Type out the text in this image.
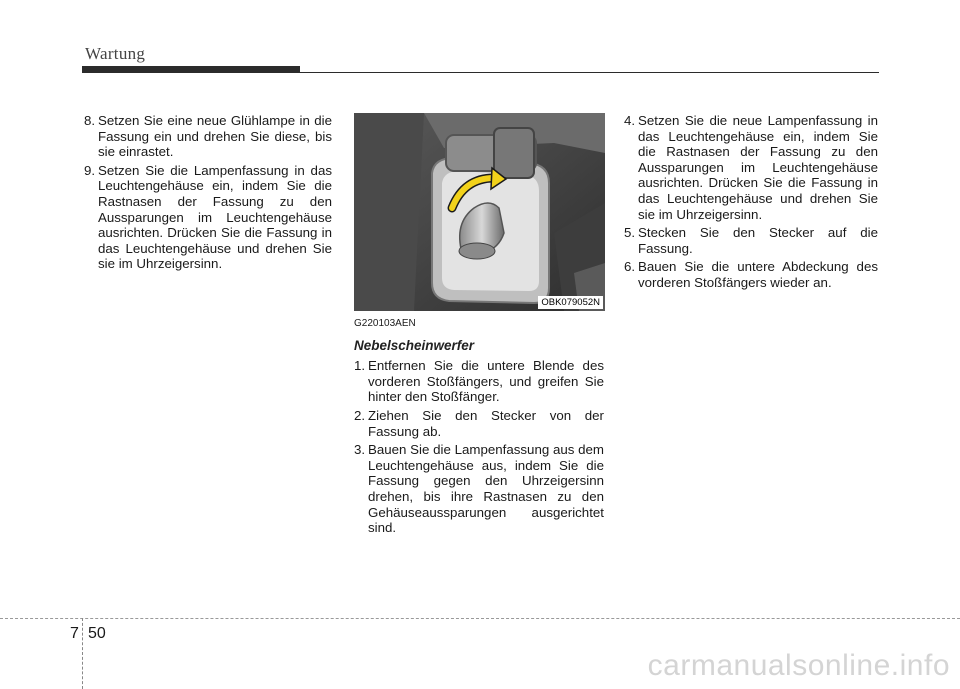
Wartung
8. Setzen Sie eine neue Glühlampe in die Fassung ein und drehen Sie diese, bis sie einrastet.
9. Setzen Sie die Lampenfassung in das Leuchtengehäuse ein, indem Sie die Rastnasen der Fassung zu den Aussparungen im Leuchtengehäuse ausrichten. Drücken Sie die Fassung in das Leuchtengehäuse und drehen Sie sie im Uhrzeigersinn.
OBK079052N
G220103AEN
Nebelscheinwerfer
1. Entfernen Sie die untere Blende des vorderen Stoßfängers, und greifen Sie hinter den Stoßfänger.
2. Ziehen Sie den Stecker von der Fassung ab.
3. Bauen Sie die Lampenfassung aus dem Leuchtengehäuse aus, indem Sie die Fassung gegen den Uhrzeigersinn drehen, bis ihre Rastnasen zu den Gehäuseaussparungen ausgerichtet sind.
4. Setzen Sie die neue Lampenfassung in das Leuchtengehäuse ein, indem Sie die Rastnasen der Fassung zu den Aussparungen im Leuchtengehäuse ausrichten. Drücken Sie die Fassung in das Leuchtengehäuse und drehen Sie sie im Uhrzeigersinn.
5. Stecken Sie den Stecker auf die Fassung.
6. Bauen Sie die untere Abdeckung des vorderen Stoßfängers wieder an.
7 50
carmanualsonline.info
